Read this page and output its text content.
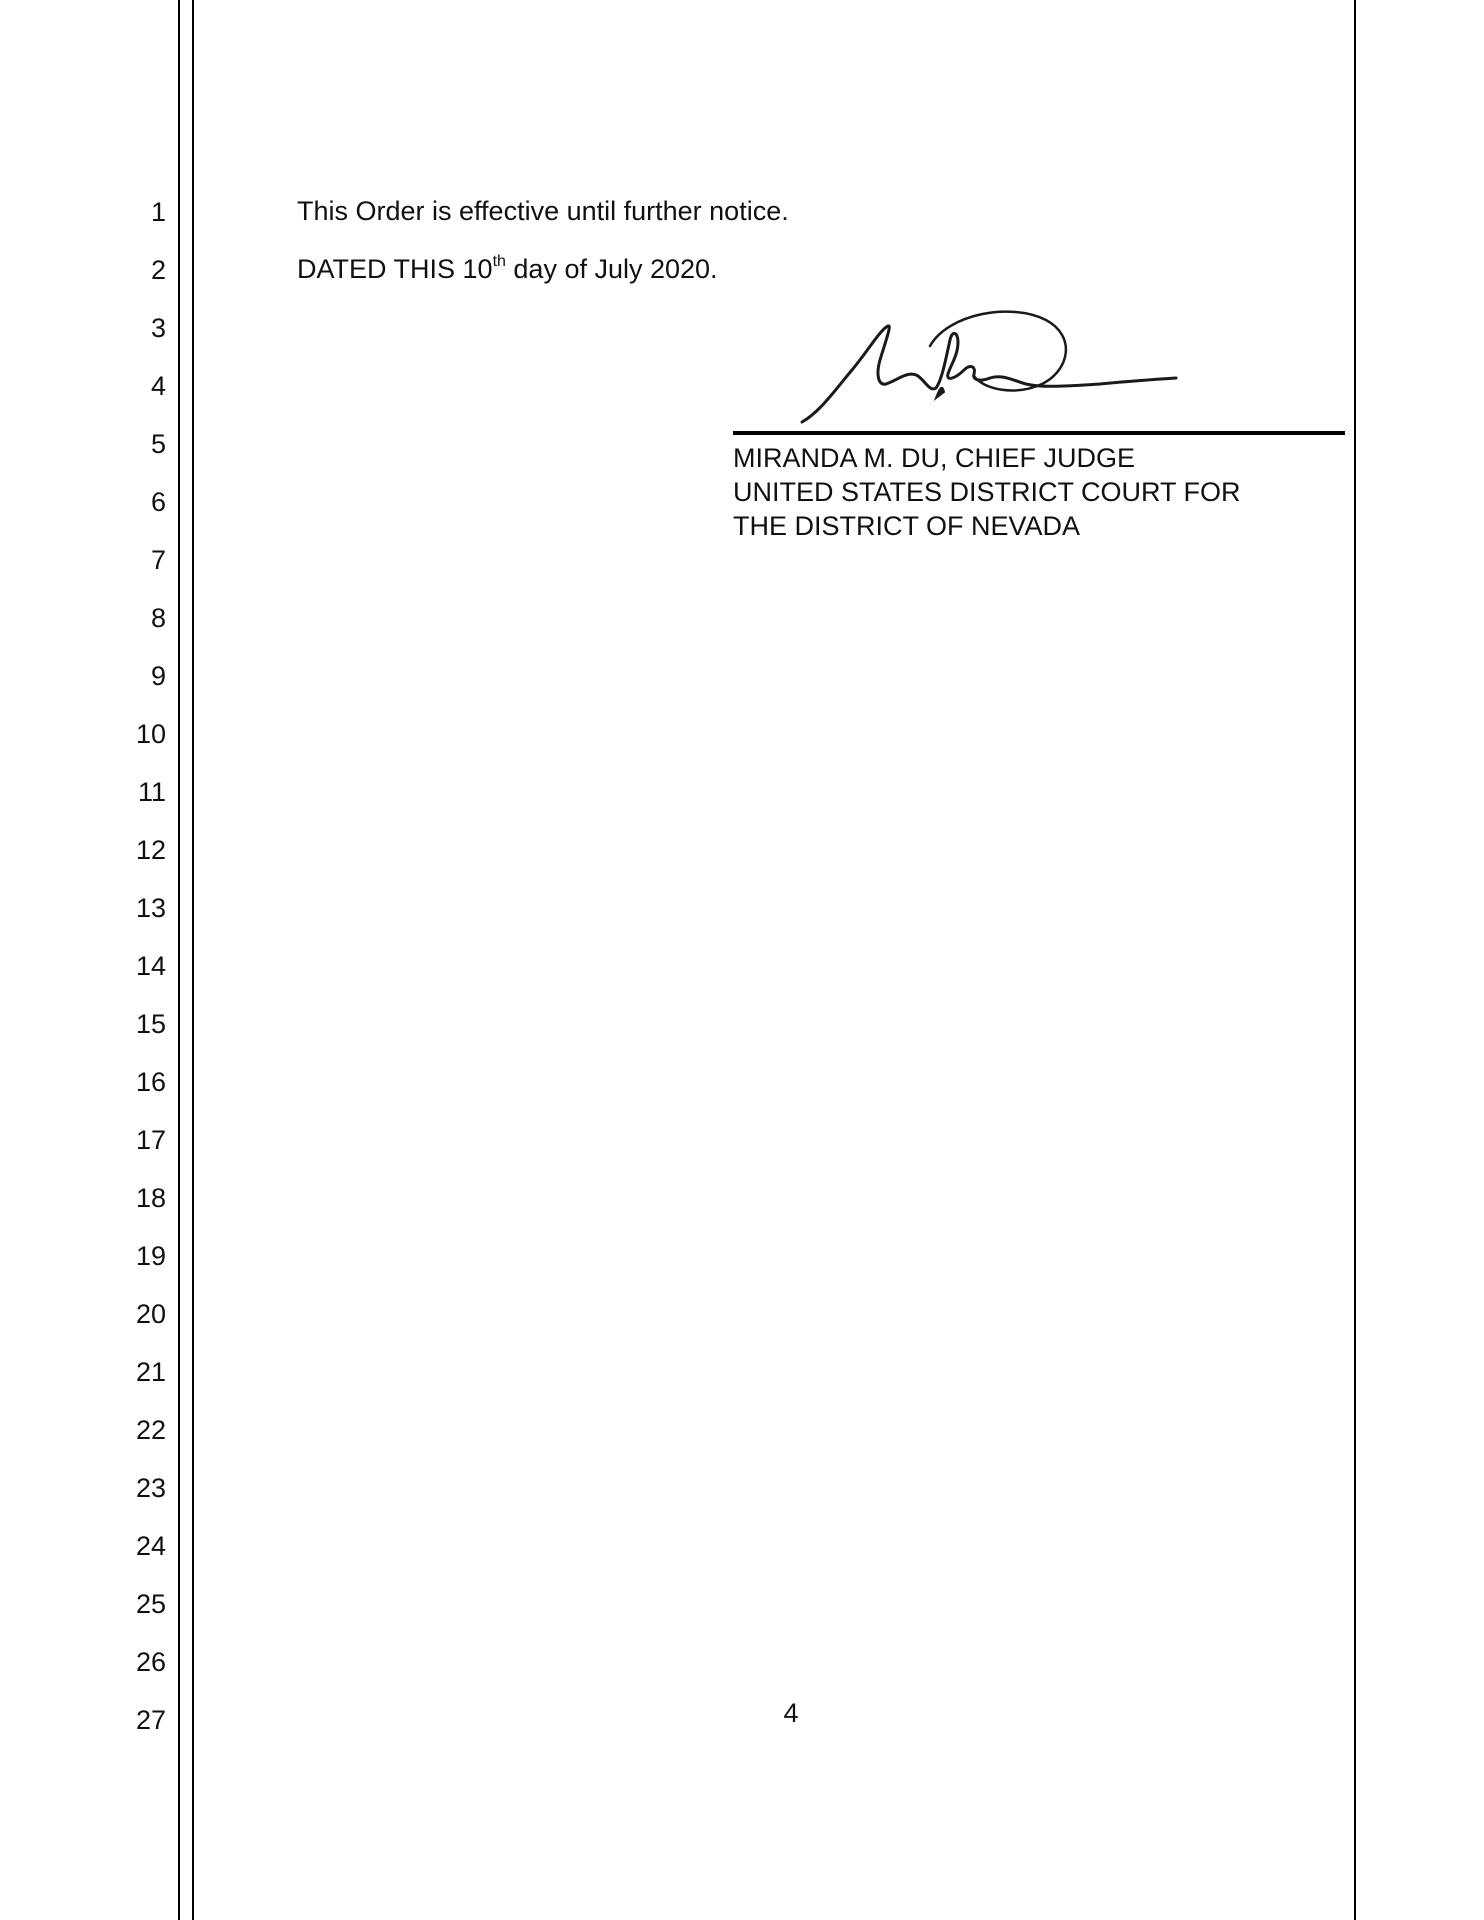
1
2
3
4
5
6
7
8
9
10
11
12
13
14
15
16
17
18
19
20
21
22
23
24
25
26
27
This Order is effective until further notice.
DATED THIS 10th day of July 2020.
MIRANDA M. DU, CHIEF JUDGE
UNITED STATES DISTRICT COURT FOR
THE DISTRICT OF NEVADA
4
